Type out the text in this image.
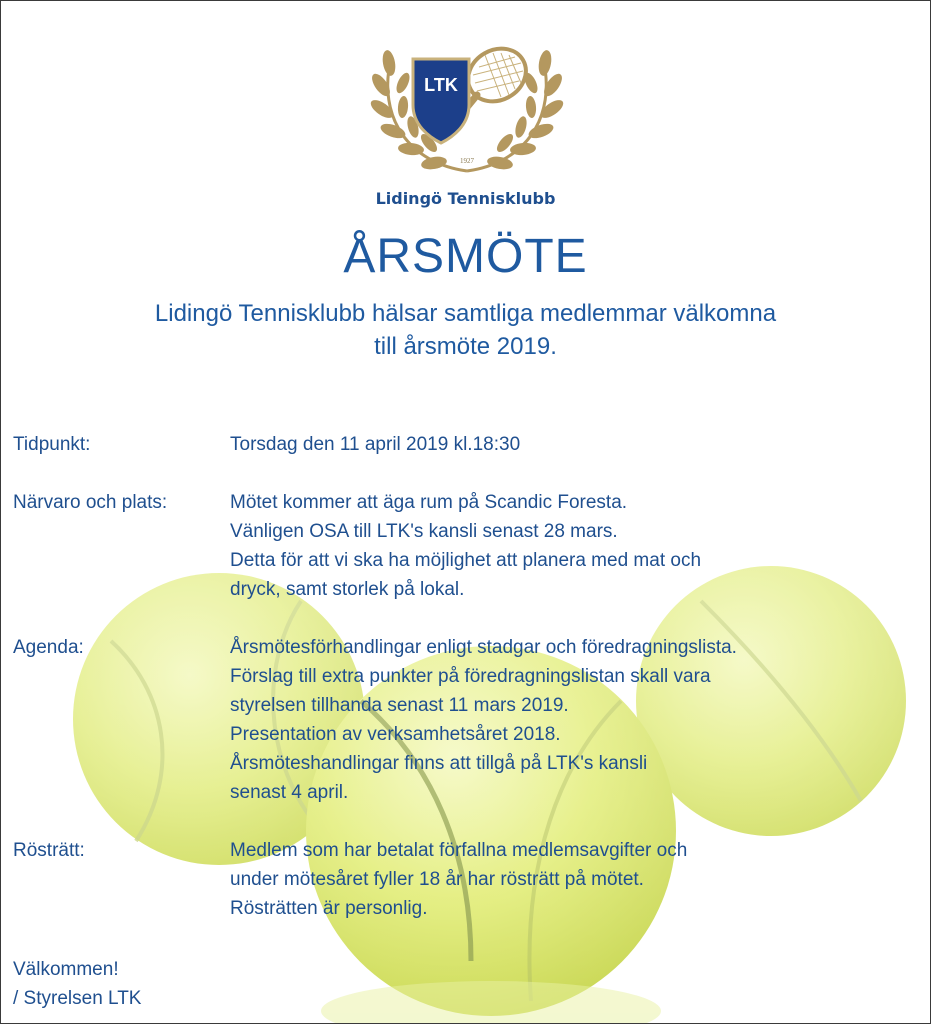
LTK
1927
Lidingö Tennisklubb
ÅRSMÖTE
Lidingö Tennisklubb hälsar samtliga medlemmar välkomna
till årsmöte 2019.
Tidpunkt:	Torsdag den 11 april 2019 kl.18:30
Närvaro och plats:	Mötet kommer att äga rum på Scandic Foresta.
Vänligen OSA till LTK's kansli senast 28 mars.
Detta för att vi ska ha möjlighet att planera med mat och
dryck, samt storlek på lokal.
Agenda:	Årsmötesförhandlingar enligt stadgar och föredragningslista.
Förslag till extra punkter på föredragningslistan skall vara
styrelsen tillhanda senast 11 mars 2019.
Presentation av verksamhetsåret 2018.
Årsmöteshandlingar finns att tillgå på LTK's kansli
senast 4 april.
Rösträtt:	Medlem som har betalat förfallna medlemsavgifter och
under mötesåret fyller 18 år har rösträtt på mötet.
Rösträtten är personlig.
Välkommen!
/ Styrelsen LTK
